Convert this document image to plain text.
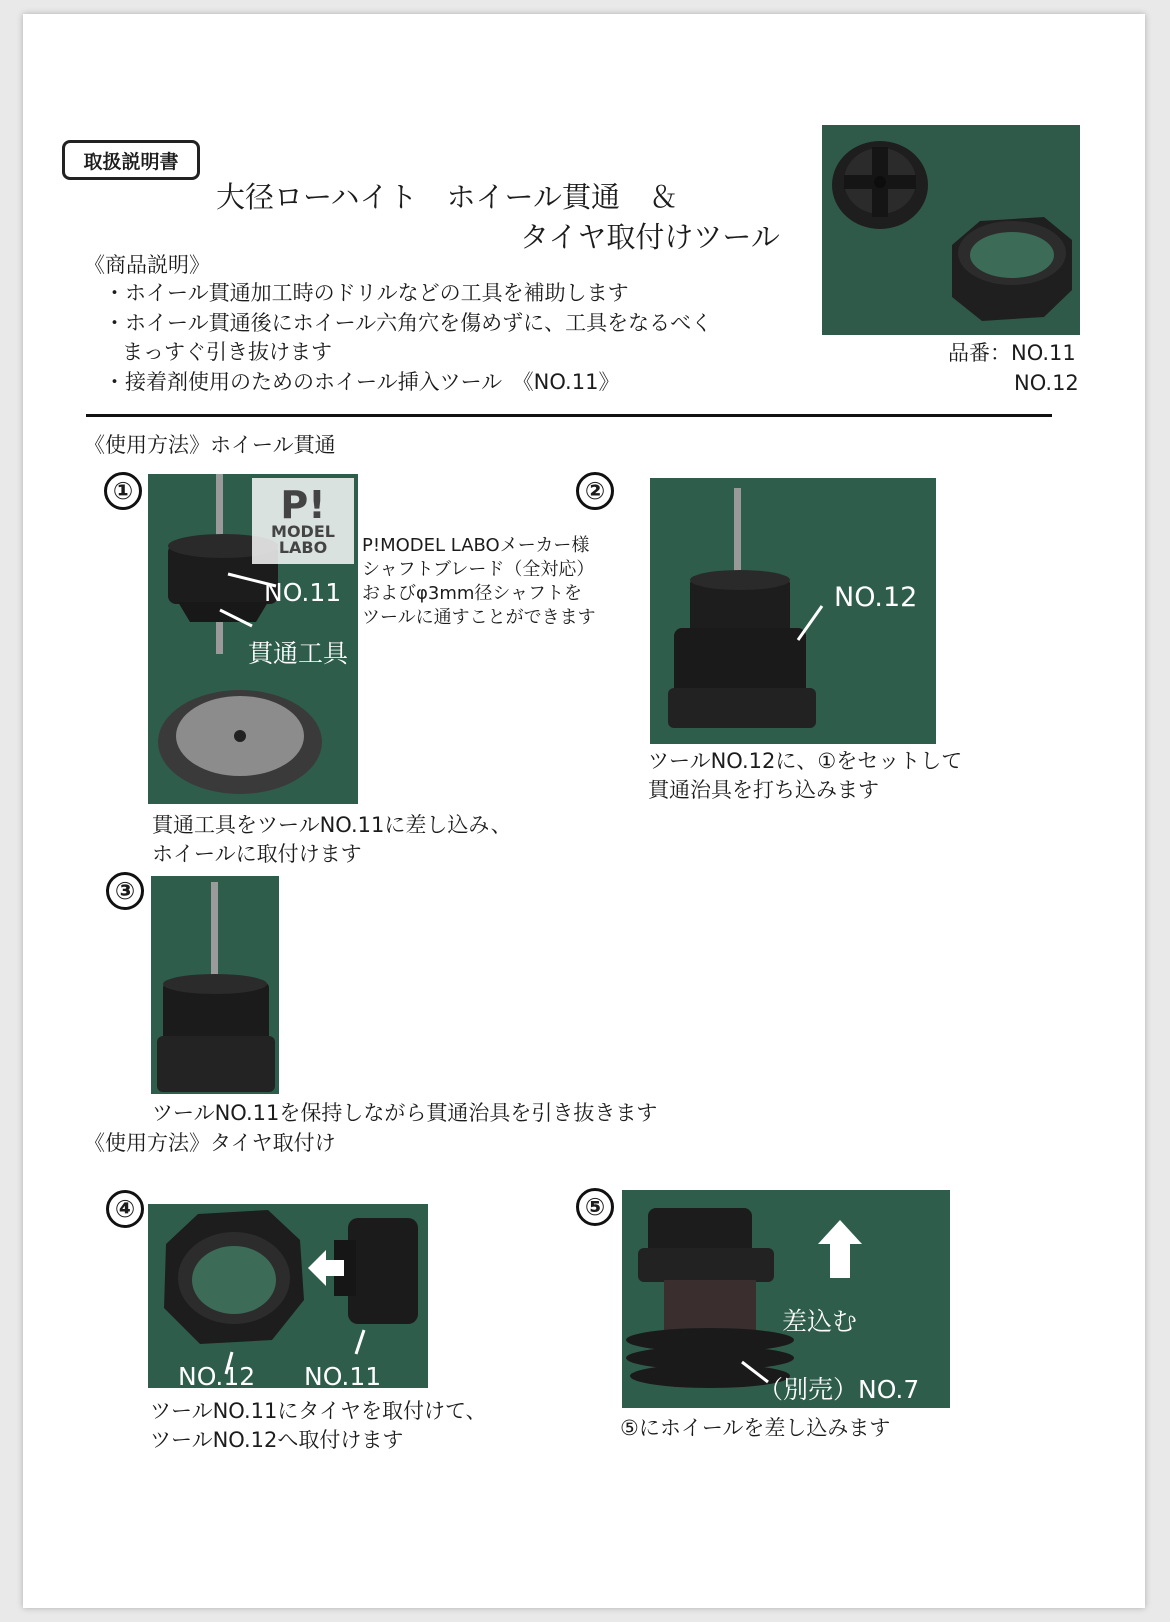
取扱説明書
大径ローハイト　ホイール貫通　＆
タイヤ取付けツール
《商品説明》
・ホイール貫通加工時のドリルなどの工具を補助します
・ホイール貫通後にホイール六角穴を傷めずに、工具をなるべく
まっすぐ引き抜けます
・接着剤使用のためのホイール挿入ツール　《NO.11》
品番：NO.11
NO.12
《使用方法》ホイール貫通
①	P!
MODEL
LABO
NO.11
貫通工具
P!MODEL LABOメーカー様
シャフトブレード（全対応）
およびφ3mm径シャフトを
ツールに通すことができます
貫通工具をツールNO.11に差し込み、
ホイールに取付けます
②
NO.12
ツールNO.12に、①をセットして
貫通治具を打ち込みます
③
ツールNO.11を保持しながら貫通治具を引き抜きます
《使用方法》タイヤ取付け
④
NO.12 NO.11
ツールNO.11にタイヤを取付けて、
ツールNO.12へ取付けます
⑤
差込む
（別売）NO.7
⑤にホイールを差し込みます
